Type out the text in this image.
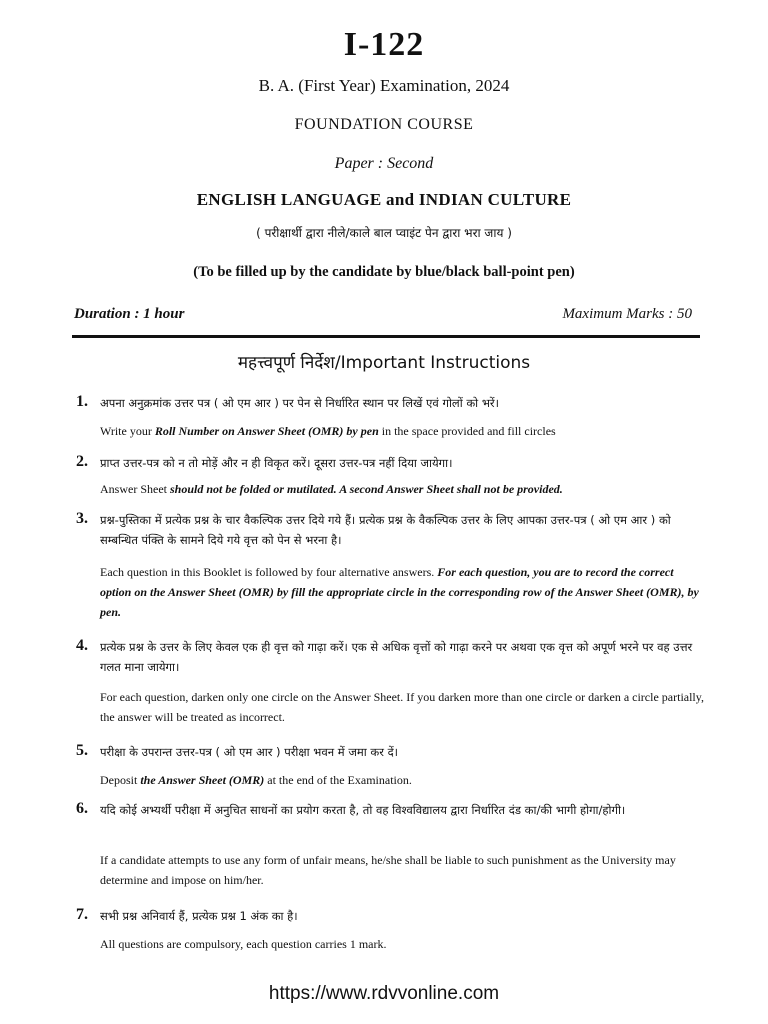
I-122
B. A. (First Year) Examination, 2024
FOUNDATION COURSE
Paper : Second
ENGLISH LANGUAGE and INDIAN CULTURE
( परीक्षार्थी द्वारा नीले/काले बाल प्वाइंट पेन द्वारा भरा जाय )
(To be filled up by the candidate by blue/black ball-point pen)
Duration : 1 hour	Maximum Marks : 50
महत्त्वपूर्ण निर्देश/Important Instructions
1. अपना अनुक्रमांक उत्तर पत्र ( ओ एम आर ) पर पेन से निर्धारित स्थान पर लिखें एवं गोलों को भरें।
Write your Roll Number on Answer Sheet (OMR) by pen in the space provided and fill circles
2. प्राप्त उत्तर-पत्र को न तो मोड़ें और न ही विकृत करें। दूसरा उत्तर-पत्र नहीं दिया जायेगा।
Answer Sheet should not be folded or mutilated. A second Answer Sheet shall not be provided.
3. प्रश्न-पुस्तिका में प्रत्येक प्रश्न के चार वैकल्पिक उत्तर दिये गये हैं। प्रत्येक प्रश्न के वैकल्पिक उत्तर के लिए आपका उत्तर-पत्र ( ओ एम आर ) को सम्बन्धित पंक्ति के सामने दिये गये वृत्त को पेन से भरना है।
Each question in this Booklet is followed by four alternative answers. For each question, you are to record the correct option on the Answer Sheet (OMR) by fill the appropriate circle in the corresponding row of the Answer Sheet (OMR), by pen.
4. प्रत्येक प्रश्न के उत्तर के लिए केवल एक ही वृत्त को गाढ़ा करें। एक से अधिक वृत्तों को गाढ़ा करने पर अथवा एक वृत्त को अपूर्ण भरने पर वह उत्तर गलत माना जायेगा।
For each question, darken only one circle on the Answer Sheet. If you darken more than one circle or darken a circle partially, the answer will be treated as incorrect.
5. परीक्षा के उपरान्त उत्तर-पत्र ( ओ एम आर ) परीक्षा भवन में जमा कर दें।
Deposit the Answer Sheet (OMR) at the end of the Examination.
6. यदि कोई अभ्यर्थी परीक्षा में अनुचित साधनों का प्रयोग करता है, तो वह विश्वविद्यालय द्वारा निर्धारित दंड का/की भागी होगा/होगी।
If a candidate attempts to use any form of unfair means, he/she shall be liable to such punishment as the University may determine and impose on him/her.
7. सभी प्रश्न अनिवार्य हैं, प्रत्येक प्रश्न 1 अंक का है।
All questions are compulsory, each question carries 1 mark.
https://www.rdvvonline.com
